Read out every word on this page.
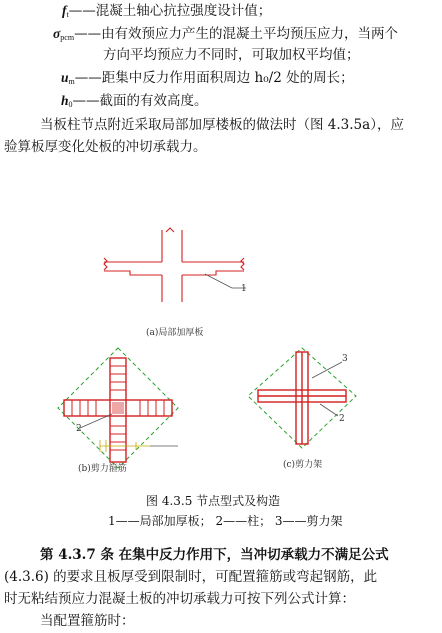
$f_t——$混凝土轴心抗拉强度设计值；
$\sigma_{pcm}——$由有效预应力产生的混凝土平均预压应力，当两个
方向平均预应力不同时，可取加权平均值；
$u_m——$距集中反力作用面积周边 h₀/2 处的周长；
$h_0——$截面的有效高度。
当板柱节点附近采取局部加厚楼板的做法时（图 4.3.5a），应
验算板厚变化处板的冲切承载力。
1
(a)局部加厚板
2
(b)剪力箍筋
3
2
(c)剪力架
图 4.3.5 节点型式及构造
1——局部加厚板； 2——柱； 3——剪力架
第 4.3.7 条 在集中反力作用下，当冲切承载力不满足公式
(4.3.6) 的要求且板厚受到限制时，可配置箍筋或弯起钢筋，此
时无粘结预应力混凝土板的冲切承载力可按下列公式计算：
当配置箍筋时：
